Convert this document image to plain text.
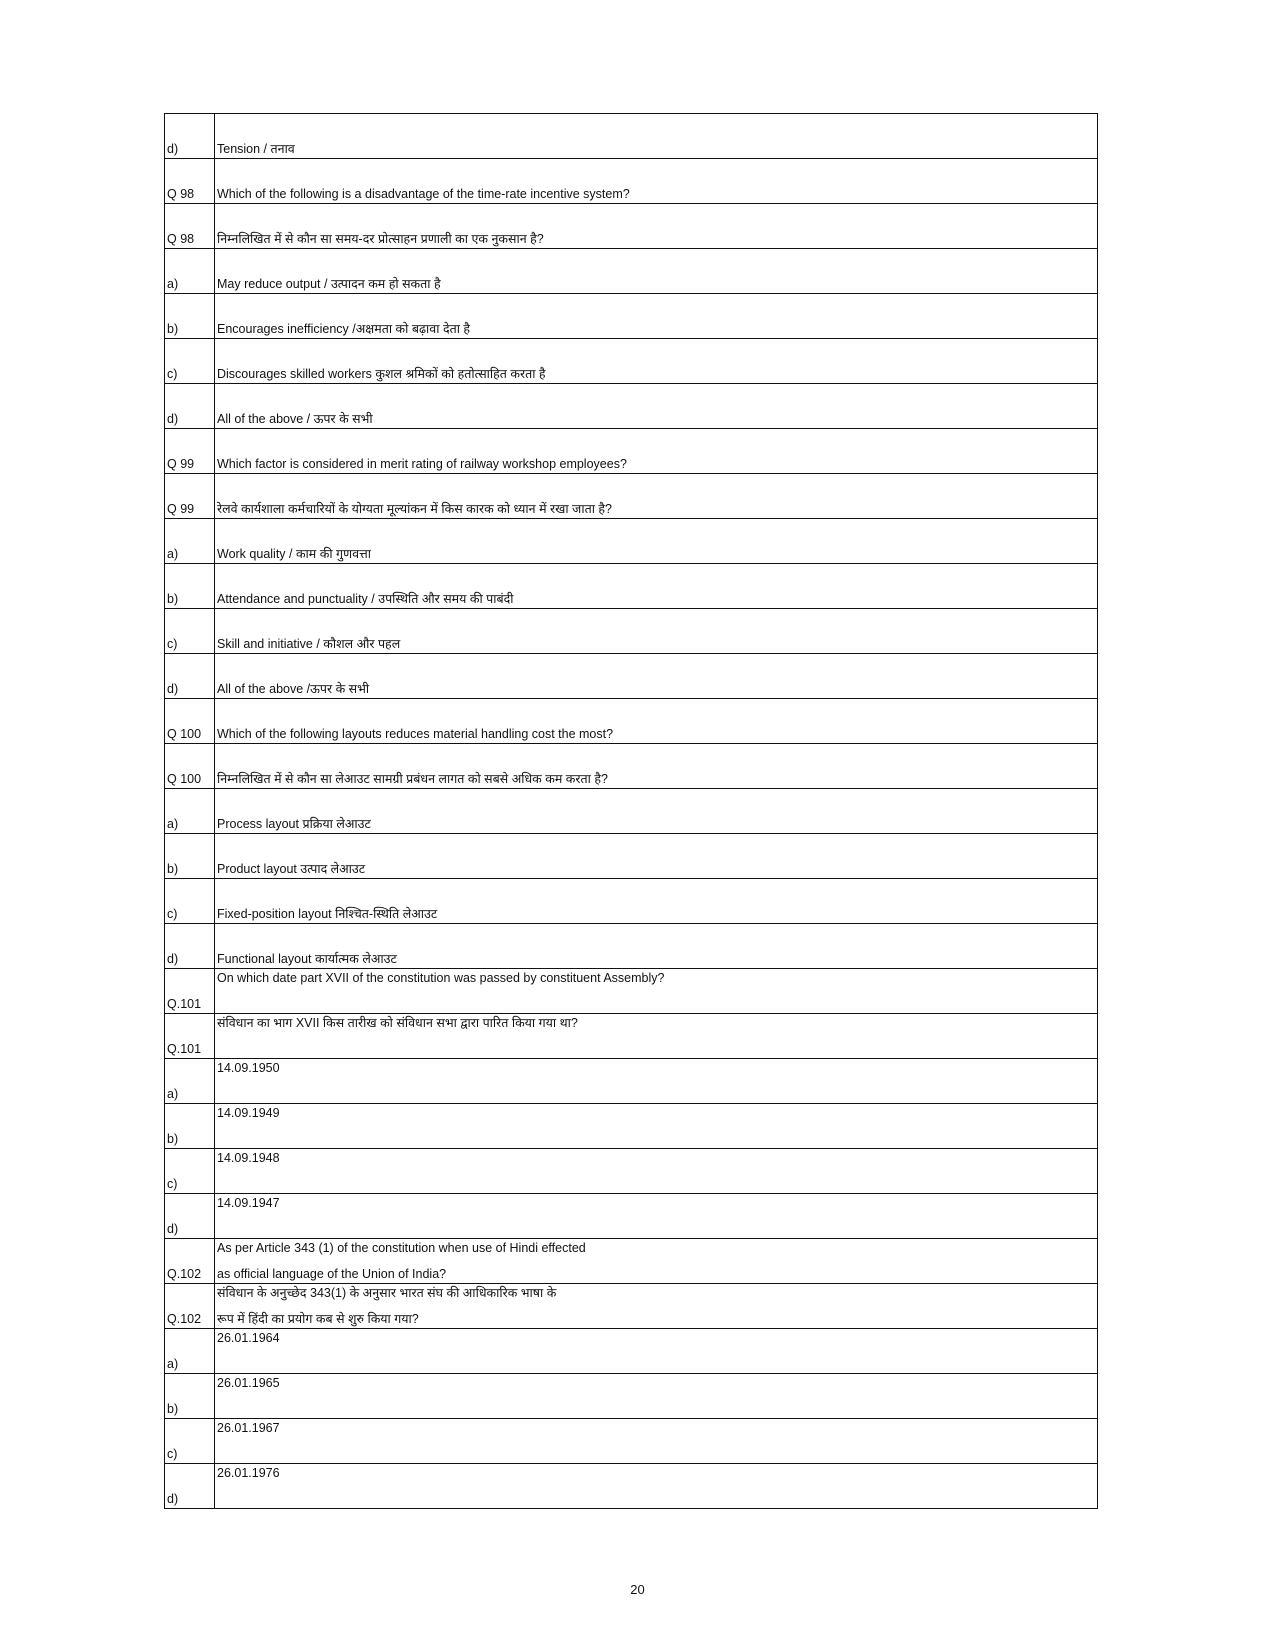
d)	Tension / तनाव
Q 98	Which of the following is a disadvantage of the time-rate incentive system?
Q 98	निम्नलिखित में से कौन सा समय-दर प्रोत्साहन प्रणाली का एक नुकसान है?
a)	May reduce output / उत्पादन कम हो सकता है
b)	Encourages inefficiency /अक्षमता को बढ़ावा देता है
c)	Discourages skilled workers कुशल श्रमिकों को हतोत्साहित करता है
d)	All of the above / ऊपर के सभी
Q 99	Which factor is considered in merit rating of railway workshop employees?
Q 99	रेलवे कार्यशाला कर्मचारियों के योग्यता मूल्यांकन में किस कारक को ध्यान में रखा जाता है?
a)	Work quality / काम की गुणवत्ता
b)	Attendance and punctuality / उपस्थिति और समय की पाबंदी
c)	Skill and initiative / कौशल और पहल
d)	All of the above /ऊपर के सभी
Q 100	Which of the following layouts reduces material handling cost the most?
Q 100	निम्नलिखित में से कौन सा लेआउट सामग्री प्रबंधन लागत को सबसे अधिक कम करता है?
a)	Process layout प्रक्रिया लेआउट
b)	Product layout उत्पाद लेआउट
c)	Fixed-position layout निश्चित-स्थिति लेआउट
d)	Functional layout कार्यात्मक लेआउट
Q.101	On which date part XVII of the constitution was passed by constituent Assembly?

Q.101	संविधान का भाग XVII किस तारीख को संविधान सभा द्वारा पारित किया गया था?

a)	14.09.1950

b)	14.09.1949

c)	14.09.1948

d)	14.09.1947

Q.102	As per Article 343 (1) of the constitution when use of Hindi effected
as official language of the Union of India?

Q.102	संविधान के अनुच्छेद 343(1) के अनुसार भारत संघ की आधिकारिक भाषा के
रूप में हिंदी का प्रयोग कब से शुरु किया गया?

a)	26.01.1964

b)	26.01.1965

c)	26.01.1967

d)	26.01.1976
20
